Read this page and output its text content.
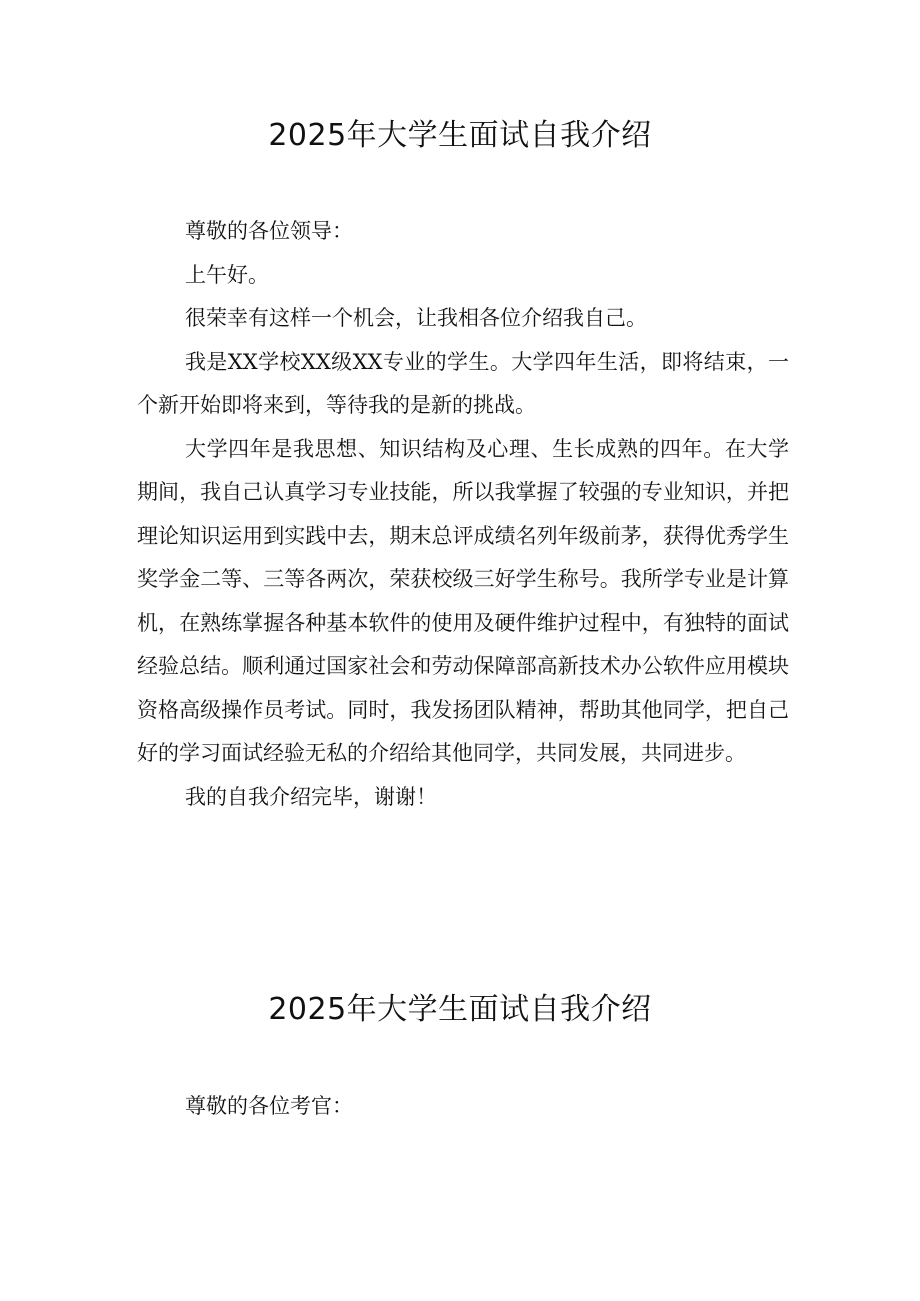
2025年大学生面试自我介绍

尊敬的各位领导：

上午好。

很荣幸有这样一个机会，让我相各位介绍我自己。

我是XX学校XX级XX专业的学生。大学四年生活，即将结束，一个新开始即将来到，等待我的是新的挑战。

大学四年是我思想、知识结构及心理、生长成熟的四年。在大学期间，我自己认真学习专业技能，所以我掌握了较强的专业知识，并把理论知识运用到实践中去，期末总评成绩名列年级前茅，获得优秀学生奖学金二等、三等各两次，荣获校级三好学生称号。我所学专业是计算机，在熟练掌握各种基本软件的使用及硬件维护过程中，有独特的面试经验总结。顺利通过国家社会和劳动保障部高新技术办公软件应用模块资格高级操作员考试。同时，我发扬团队精神，帮助其他同学，把自己好的学习面试经验无私的介绍给其他同学，共同发展，共同进步。

我的自我介绍完毕，谢谢！

2025年大学生面试自我介绍

尊敬的各位考官：
